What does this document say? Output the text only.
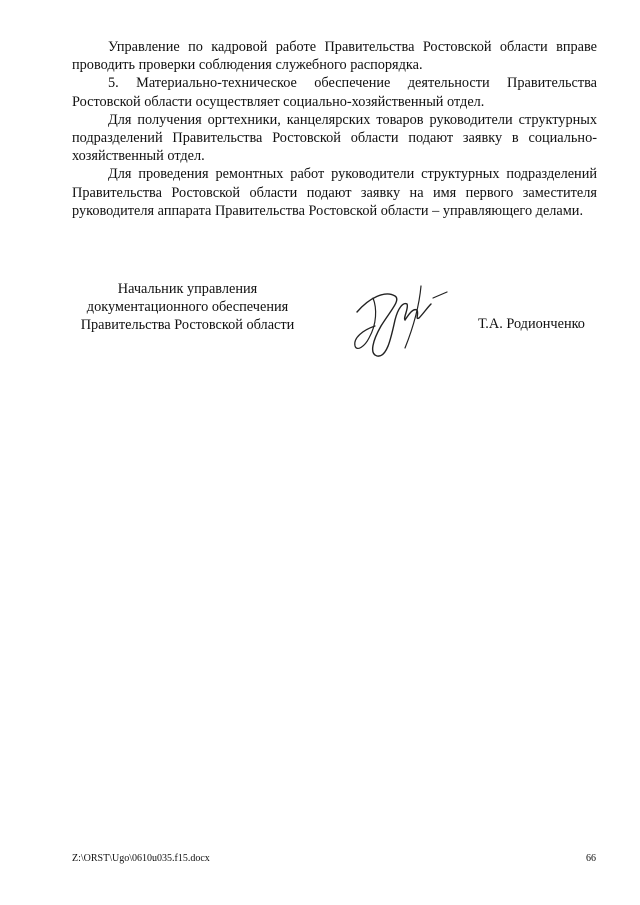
Управление по кадровой работе Правительства Ростовской области вправе проводить проверки соблюдения служебного распорядка.

5. Материально-техническое обеспечение деятельности Правительства Ростовской области осуществляет социально-хозяйственный отдел.

Для получения оргтехники, канцелярских товаров руководители структурных подразделений Правительства Ростовской области подают заявку в социально-хозяйственный отдел.

Для проведения ремонтных работ руководители структурных подразделений Правительства Ростовской области подают заявку на имя первого заместителя руководителя аппарата Правительства Ростовской области – управляющего делами.

Начальник управления
документационного обеспечения
Правительства Ростовской области	Т.А. Родионченко
Z:\ORST\Ugo\0610u035.f15.docx	66
